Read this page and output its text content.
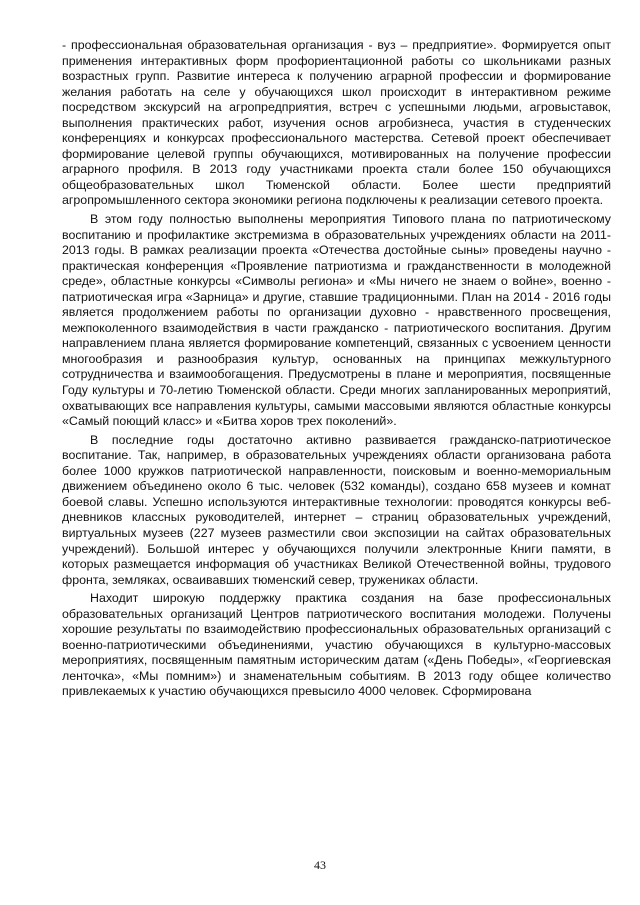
- профессиональная образовательная организация - вуз – предприятие». Формируется опыт применения интерактивных форм профориентационной работы со школьниками разных возрастных групп. Развитие интереса к получению аграрной профессии и формирование желания работать на селе у обучающихся школ происходит в интерактивном режиме посредством экскурсий на агропредприятия, встреч с успешными людьми, агровыставок, выполнения практических работ, изучения основ агробизнеса, участия в студенческих конференциях и конкурсах профессионального мастерства. Сетевой проект обеспечивает формирование целевой группы обучающихся, мотивированных на получение профессии аграрного профиля. В 2013 году участниками проекта стали более 150 обучающихся общеобразовательных школ Тюменской области. Более шести предприятий агропромышленного сектора экономики региона подключены к реализации сетевого проекта.

В этом году полностью выполнены мероприятия Типового плана по патриотическому воспитанию и профилактике экстремизма в образовательных учреждениях области на 2011-2013 годы. В рамках реализации проекта «Отечества достойные сыны» проведены научно - практическая конференция «Проявление патриотизма и гражданственности в молодежной среде», областные конкурсы «Символы региона» и «Мы ничего не знаем о войне», военно - патриотическая игра «Зарница» и другие, ставшие традиционными. План на 2014 - 2016 годы является продолжением работы по организации духовно - нравственного просвещения, межпоколенного взаимодействия в части гражданско - патриотического воспитания. Другим направлением плана является формирование компетенций, связанных с усвоением ценности многообразия и разнообразия культур, основанных на принципах межкультурного сотрудничества и взаимообогащения. Предусмотрены в плане и мероприятия, посвященные Году культуры и 70-летию Тюменской области. Среди многих запланированных мероприятий, охватывающих все направления культуры, самыми массовыми являются областные конкурсы «Самый поющий класс» и «Битва хоров трех поколений».

В последние годы достаточно активно развивается гражданско-патриотическое воспитание. Так, например, в образовательных учреждениях области организована работа более 1000 кружков патриотической направленности, поисковым и военно-мемориальным движением объединено около 6 тыс. человек (532 команды), создано 658 музеев и комнат боевой славы. Успешно используются интерактивные технологии: проводятся конкурсы веб-дневников классных руководителей, интернет – страниц образовательных учреждений, виртуальных музеев (227 музеев разместили свои экспозиции на сайтах образовательных учреждений). Большой интерес у обучающихся получили электронные Книги памяти, в которых размещается информация об участниках Великой Отечественной войны, трудового фронта, земляках, осваивавших тюменский север, тружениках области.

Находит широкую поддержку практика создания на базе профессиональных образовательных организаций Центров патриотического воспитания молодежи. Получены хорошие результаты по взаимодействию профессиональных образовательных организаций с военно-патриотическими объединениями, участию обучающихся в культурно-массовых мероприятиях, посвященным памятным историческим датам («День Победы», «Георгиевская ленточка», «Мы помним») и знаменательным событиям. В 2013 году общее количество привлекаемых к участию обучающихся превысило 4000 человек. Сформирована

43
